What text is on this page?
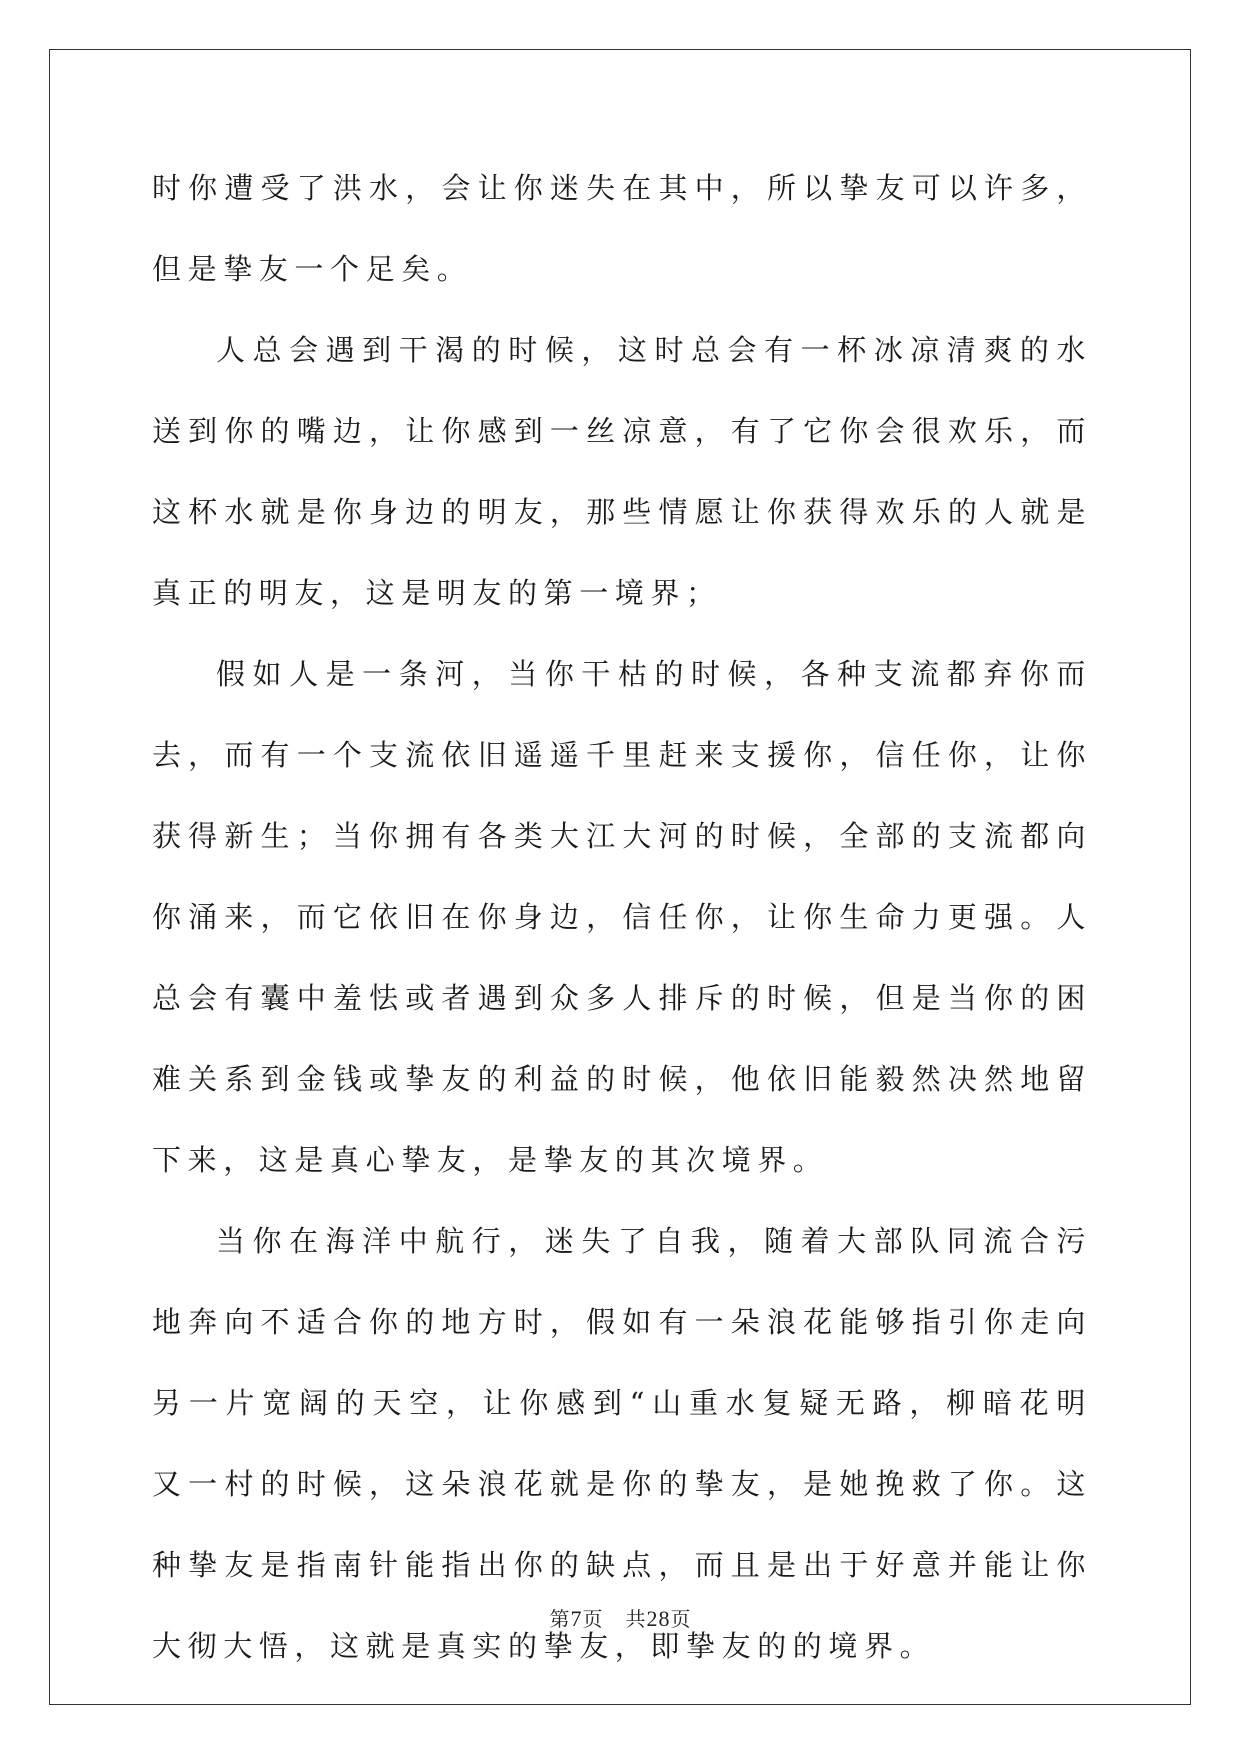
时你遭受了洪水，会让你迷失在其中，所以挚友可以许多，但是挚友一个足矣。

人总会遇到干渴的时候，这时总会有一杯冰凉清爽的水送到你的嘴边，让你感到一丝凉意，有了它你会很欢乐，而这杯水就是你身边的明友，那些情愿让你获得欢乐的人就是真正的明友，这是明友的第一境界；

假如人是一条河，当你干枯的时候，各种支流都弃你而去，而有一个支流依旧遥遥千里赶来支援你，信任你，让你获得新生；当你拥有各类大江大河的时候，全部的支流都向你涌来，而它依旧在你身边，信任你，让你生命力更强。人总会有囊中羞怯或者遇到众多人排斥的时候，但是当你的困难关系到金钱或挚友的利益的时候，他依旧能毅然决然地留下来，这是真心挚友，是挚友的其次境界。

当你在海洋中航行，迷失了自我，随着大部队同流合污地奔向不适合你的地方时，假如有一朵浪花能够指引你走向另一片宽阔的天空，让你感到“山重水复疑无路，柳暗花明又一村的时候，这朵浪花就是你的挚友，是她挽救了你。这种挚友是指南针能指出你的缺点，而且是出于好意并能让你大彻大悟，这就是真实的挚友，即挚友的的境界。

第7页 共28页
